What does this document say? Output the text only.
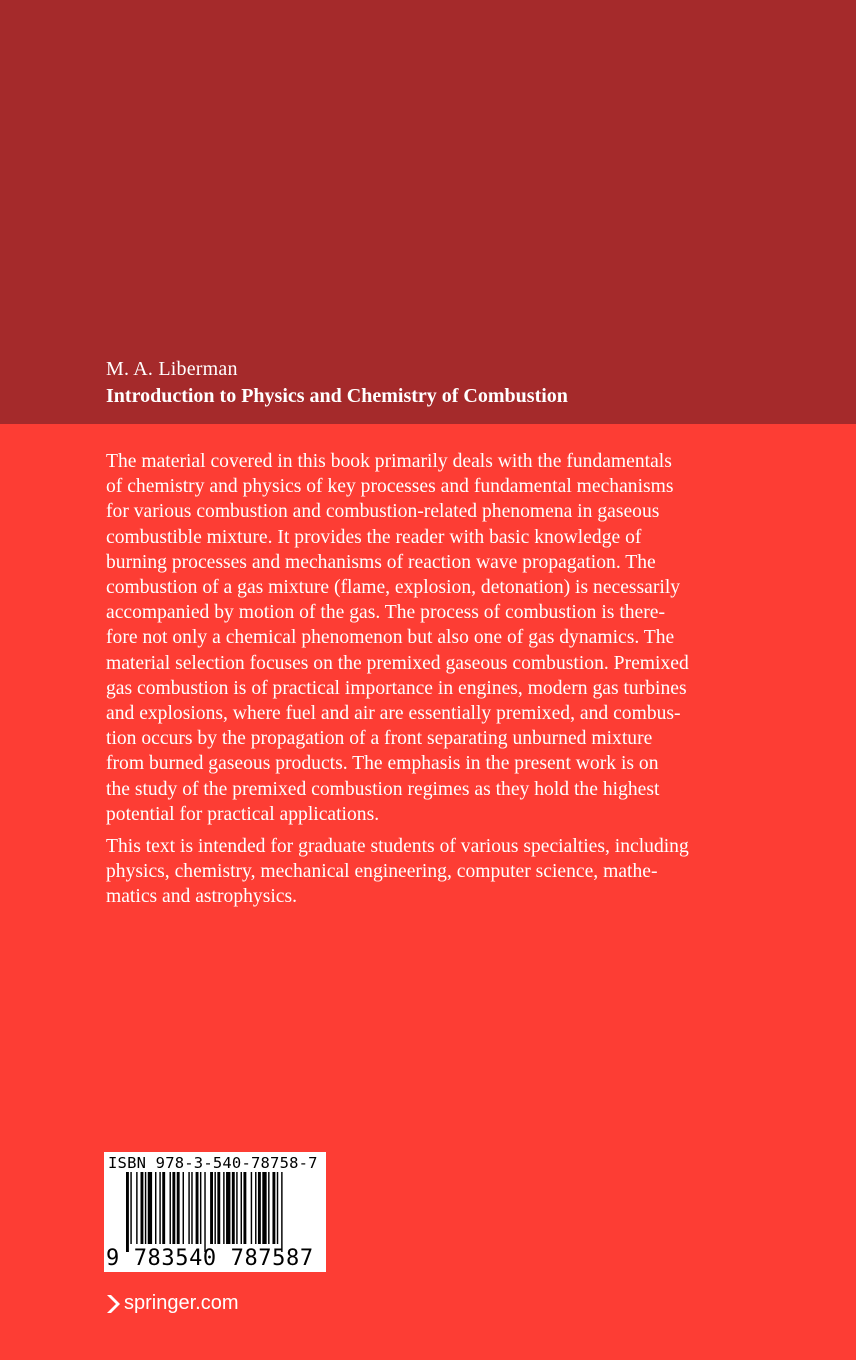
M. A. Liberman
Introduction to Physics and Chemistry of Combustion

The material covered in this book primarily deals with the fundamentals
of chemistry and physics of key processes and fundamental mechanisms
for various combustion and combustion-related phenomena in gaseous
combustible mixture. It provides the reader with basic knowledge of
burning processes and mechanisms of reaction wave propagation. The
combustion of a gas mixture (flame, explosion, detonation) is necessarily
accompanied by motion of the gas. The process of combustion is there-
fore not only a chemical phenomenon but also one of gas dynamics. The
material selection focuses on the premixed gaseous combustion. Premixed
gas combustion is of practical importance in engines, modern gas turbines
and explosions, where fuel and air are essentially premixed, and combus-
tion occurs by the propagation of a front separating unburned mixture
from burned gaseous products. The emphasis in the present work is on
the study of the premixed combustion regimes as they hold the highest
potential for practical applications.

This text is intended for graduate students of various specialties, including
physics, chemistry, mechanical engineering, computer science, mathe-
matics and astrophysics.

ISBN 978-3-540-78758-7
9 783540 787587
springer.com
